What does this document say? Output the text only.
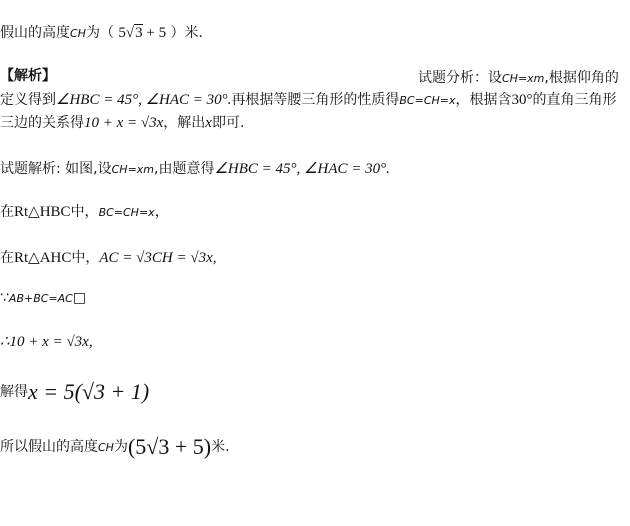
假山的高度CH为（ 5√3 + 5 ）米．
【解析】	试题分析：设CH=xm,根据仰角的
定义得到∠HBC = 45°, ∠HAC = 30°.再根据等腰三角形的性质得BC=CH=x，根据含30°的直角三角形
三边的关系得10 + x = √3x，解出x即可.
试题解析: 如图,设CH=xm,由题意得∠HBC = 45°, ∠HAC = 30°.
在Rt△HBC中，BC=CH=x，
在Rt△AHC中，AC = √3CH = √3x,
∵AB+BC=AC□
∴10 + x = √3x,
解得x = 5(√3 + 1)
所以假山的高度CH为(5√3 + 5)米.
